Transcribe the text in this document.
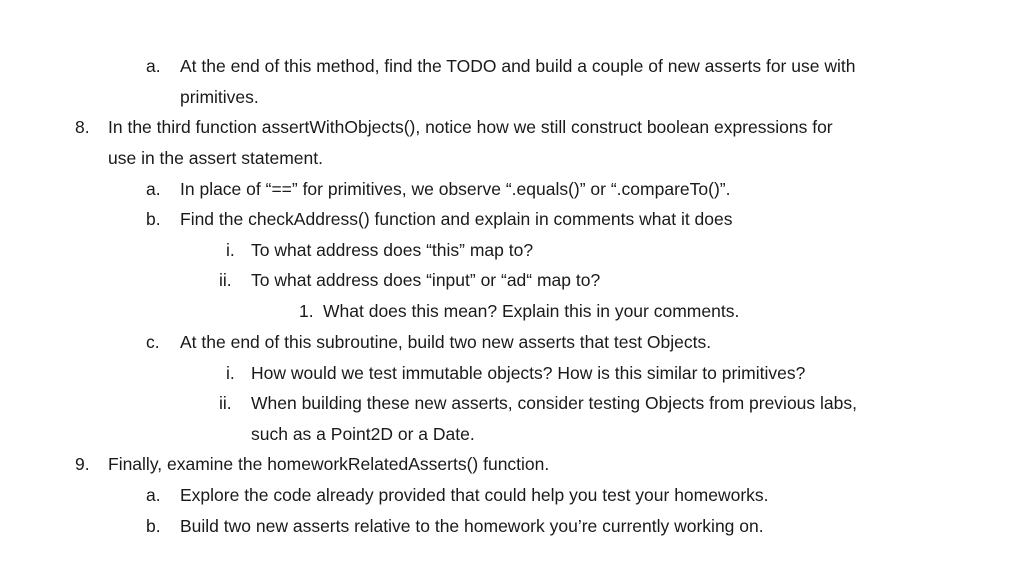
a. At the end of this method, find the TODO and build a couple of new asserts for use with
primitives.
8. In the third function assertWithObjects(), notice how we still construct boolean expressions for
use in the assert statement.
a. In place of “==” for primitives, we observe “.equals()” or “.compareTo()”.
b. Find the checkAddress() function and explain in comments what it does
i. To what address does “this” map to?
ii. To what address does “input” or “ad“ map to?
1. What does this mean? Explain this in your comments.
c. At the end of this subroutine, build two new asserts that test Objects.
i. How would we test immutable objects? How is this similar to primitives?
ii. When building these new asserts, consider testing Objects from previous labs,
such as a Point2D or a Date.
9. Finally, examine the homeworkRelatedAsserts() function.
a. Explore the code already provided that could help you test your homeworks.
b. Build two new asserts relative to the homework you’re currently working on.
